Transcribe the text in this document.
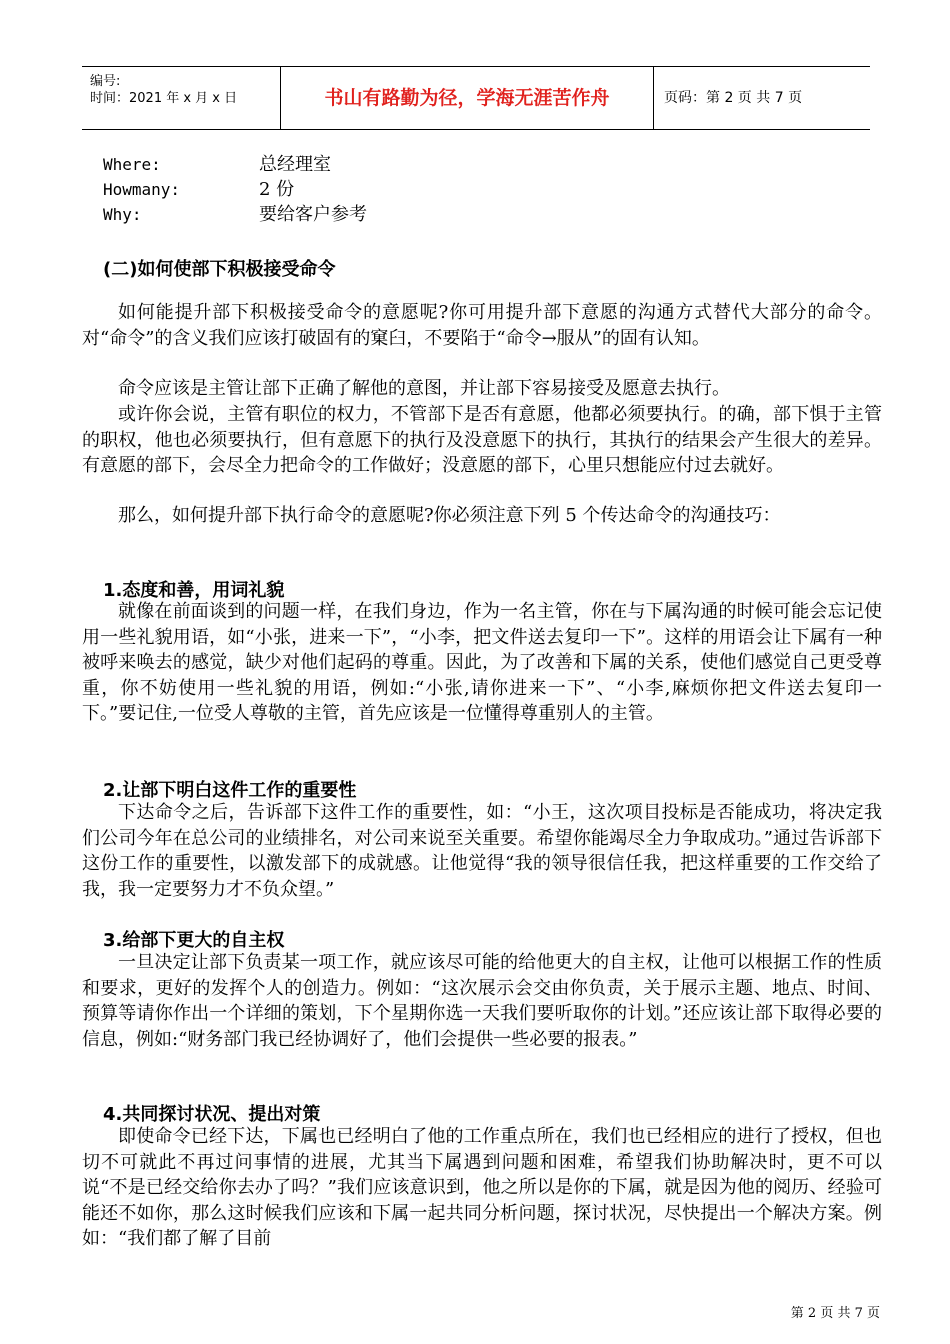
编号:
时间：2021 年 x 月 x 日	书山有路勤为径，学海无涯苦作舟	页码：第 2 页 共 7 页
Where:	总经理室
Howmany:	2 份
Why:	要给客户参考
(二)如何使部下积极接受命令

如何能提升部下积极接受命令的意愿呢?你可用提升部下意愿的沟通方式替代大部分的命令。对“命令”的含义我们应该打破固有的窠臼，不要陷于“命令→服从”的固有认知。

命令应该是主管让部下正确了解他的意图，并让部下容易接受及愿意去执行。

或许你会说，主管有职位的权力，不管部下是否有意愿，他都必须要执行。的确，部下惧于主管的职权，他也必须要执行，但有意愿下的执行及没意愿下的执行，其执行的结果会产生很大的差异。有意愿的部下，会尽全力把命令的工作做好；没意愿的部下，心里只想能应付过去就好。

那么，如何提升部下执行命令的意愿呢?你必须注意下列 5 个传达命令的沟通技巧：

1.态度和善，用词礼貌

就像在前面谈到的问题一样，在我们身边，作为一名主管，你在与下属沟通的时候可能会忘记使用一些礼貌用语，如“小张，进来一下”，“小李，把文件送去复印一下”。这样的用语会让下属有一种被呼来唤去的感觉，缺少对他们起码的尊重。因此，为了改善和下属的关系，使他们感觉自己更受尊重，你不妨使用一些礼貌的用语，例如:“小张,请你进来一下”、“小李,麻烦你把文件送去复印一下。”要记住,一位受人尊敬的主管，首先应该是一位懂得尊重别人的主管。

2.让部下明白这件工作的重要性

下达命令之后，告诉部下这件工作的重要性，如：“小王，这次项目投标是否能成功，将决定我们公司今年在总公司的业绩排名，对公司来说至关重要。希望你能竭尽全力争取成功。”通过告诉部下这份工作的重要性，以激发部下的成就感。让他觉得“我的领导很信任我，把这样重要的工作交给了我，我一定要努力才不负众望。”

3.给部下更大的自主权

一旦决定让部下负责某一项工作，就应该尽可能的给他更大的自主权，让他可以根据工作的性质和要求，更好的发挥个人的创造力。例如：“这次展示会交由你负责，关于展示主题、地点、时间、预算等请你作出一个详细的策划，下个星期你选一天我们要听取你的计划。”还应该让部下取得必要的信息，例如:“财务部门我已经协调好了，他们会提供一些必要的报表。”

4.共同探讨状况、提出对策

即使命令已经下达，下属也已经明白了他的工作重点所在，我们也已经相应的进行了授权，但也切不可就此不再过问事情的进展，尤其当下属遇到问题和困难，希望我们协助解决时，更不可以说“不是已经交给你去办了吗？”我们应该意识到，他之所以是你的下属，就是因为他的阅历、经验可能还不如你，那么这时候我们应该和下属一起共同分析问题，探讨状况，尽快提出一个解决方案。例如：“我们都了解了目前

第 2 页 共 7 页
